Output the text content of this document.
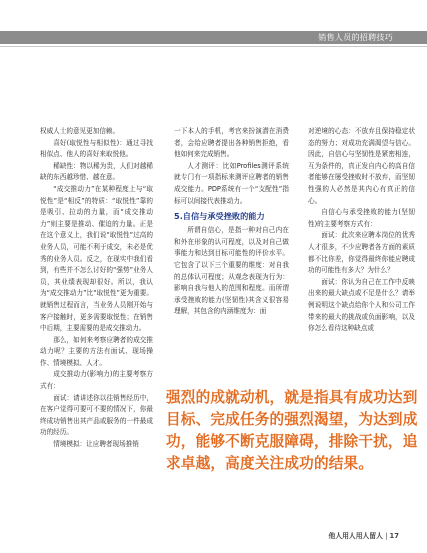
销售人员的招聘技巧

权威人士的意见更加信赖。

喜好(取悦性与相似性)：通过寻找相似点、他人的喜好来取悦他。

稀缺性：物以稀为贵，人们对越稀缺的东西越珍惜、越在意。

“成交推动力”在某种程度上与“取悦性”是“相反”的特质：“取悦性”靠的是吸引、拉动的力量，而“成交推动力”则主要是推动、催迫的力量。正是在这个意义上，我们说“取悦性”过高的业务人员，可能不利于成交，未必是优秀的业务人员。反之，在现实中我们看到，有些并不怎么讨好的“强势”业务人员，其业绩表现却很好。所以，我认为“成交推动力”比“取悦性”更为重要。就销售过程而言，当业务人员刚开始与客户接触时，更多需要取悦性；在销售中后期，主要需要的是成交推动力。

那么，如何来考察应聘者的成交推动力呢？主要的方法有面试、现场操作、情境模拟、人才。

成交推动力(影响力)的主要考察方式有：

面试：请讲述你以往销售经历中，在客户觉得可要可不要的情况下，你最终成功销售出其产品或服务的一件最成功的经历。

情境模拟：让应聘者现场推销

一下本人的手机，考官来扮演潜在消费者，会给应聘者提出各种销售拒绝，看他如何来完成销售。

人才测评：比如Profiles测评系统就专门有一项指标来测评应聘者的销售成交能力。PDP系统有一个“支配性”指标可以间接代表推动力。

5.自信与承受挫败的能力

所谓自信心，是指一种对自己内在和外在形象的认可程度，以及对自己做事能力和达到目标可能性的评价水平。它包含了以下三个重要的维度：对自我的总体认可程度；从观念表现为行为：影响自我与他人的范围和程度。而所谓承受挫败的能力(坚韧性)其含义很容易理解，其包含的内涵维度为：面

对逆境的心态：不放弃且保持稳定状态的努力；对成功充满渴望与信心。因此，自信心与坚韧性是紧密相连，互为条件的，真正发自内心的高自信者能够在屡受挫败时不放弃，而坚韧性强的人必然是其内心有真正的信心。

自信心与承受挫败的能力(坚韧性)的主要考察方式有：

面试：此次来应聘本岗位的优秀人才很多，不少应聘者各方面的素质都不比你差，你觉得最终你能应聘成功的可能性有多大？为什么？

面试：你认为自己在工作中反映出来的最大缺点或不足是什么？请举例说明这个缺点给你个人和公司工作带来的最大的挑战或负面影响，以及你怎么看待这种缺点或

强烈的成就动机，就是指具有成功达到目标、完成任务的强烈渴望，为达到成功，能够不断克服障碍，排除干扰，追求卓越，高度关注成功的结果。
他人用人用人留人 | 17
